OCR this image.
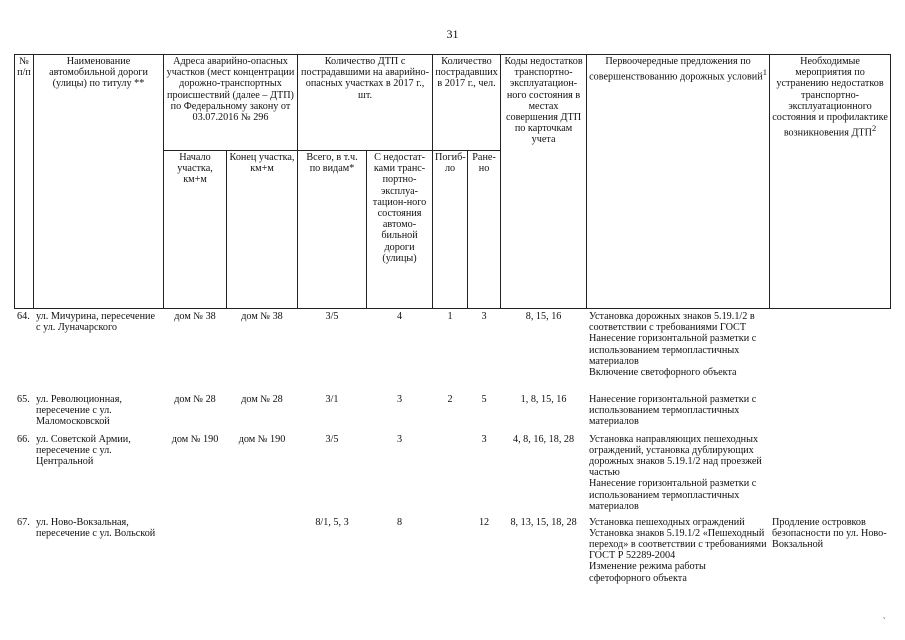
31
№ п/п	Наименование автомобильной дороги (улицы) по титулу **	Адреса аварийно-опасных участков (мест концентрации дорожно-транспортных происшествий (далее – ДТП) по Федеральному закону от 03.07.2016 № 296		Количество ДТП с пострадавшими на аварийно-опасных участках в 2017 г., шт.		Количество пострадавших в 2017 г., чел.		Коды недостатков транспортно-эксплуатацион-ного состояния в местах совершения ДТП по карточкам учета	Первоочередные предложения по совершенствованию дорожных условий$^1$	Необходимые мероприятия по устранению недостатков транспортно-эксплуатационного состояния и профилактике возникновения ДТП$^2$
		Начало участка, км+м	Конец участка, км+м	Всего, в т.ч. по видам*	С недостат-ками транс-портно-эксплуа-тацион-ного состояния автомо-бильной дороги (улицы)	Погиб-ло	Ране-но			
64.	ул. Мичурина, пересечение с ул. Луначарского	дом № 38	дом № 38	3/5	4	1	3	8, 15, 16	Установка дорожных знаков 5.19.1/2 в соответствии с требованиями ГОСТ
Нанесение горизонтальной разметки с использованием термопластичных материалов
Включение светофорного объекта	

65.	ул. Революционная, пересечение с ул. Маломосковской	дом № 28	дом № 28	3/1	3	2	5	1, 8, 15, 16	Нанесение горизонтальной разметки с использованием термопластичных материалов	

66.	ул. Советской Армии, пересечение с ул. Центральной	дом № 190	дом № 190	3/5	3		3	4, 8, 16, 18, 28	Установка направляющих пешеходных ограждений, установка дублирующих дорожных знаков 5.19.1/2 над проезжей частью
Нанесение горизонтальной разметки с использованием термопластичных материалов	

67.	ул. Ново-Вокзальная, пересечение с ул. Вольской			8/1, 5, 3	8		12	8, 13, 15, 18, 28	Установка пешеходных ограждений
Установка знаков 5.19.1/2 «Пешеходный переход» в соответствии с требованиями ГОСТ Р 52289-2004
Изменение режима работы сфетофорного объекта	Продление островков безопасности по ул. Ново-Вокзальной
`
